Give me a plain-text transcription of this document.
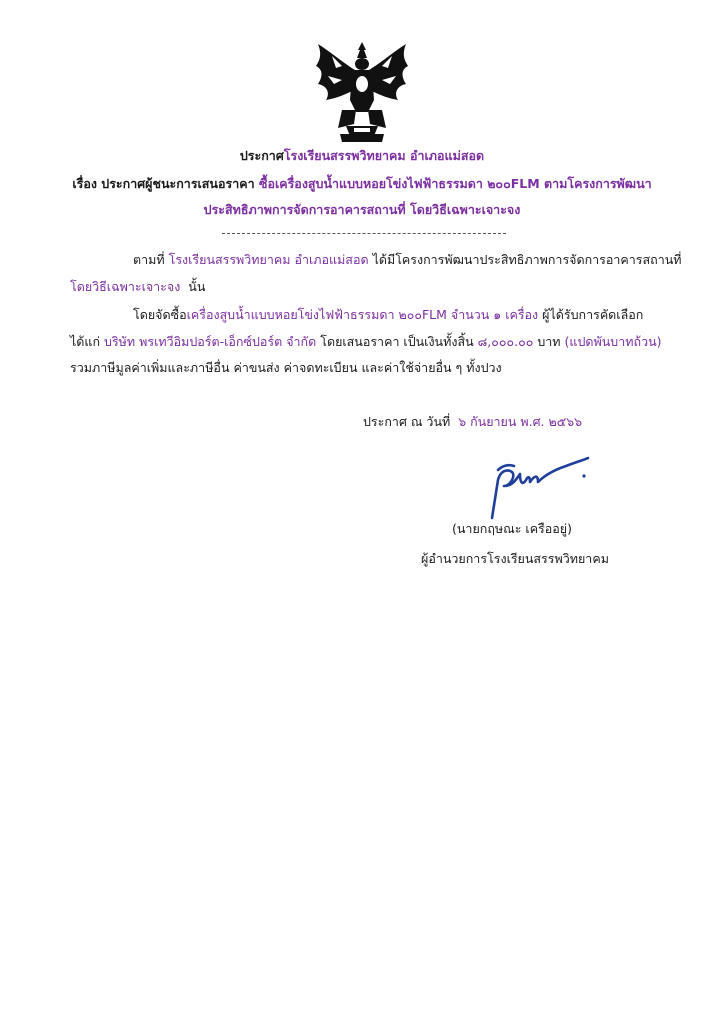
ประกาศโรงเรียนสรรพวิทยาคม อำเภอแม่สอด
เรื่อง ประกาศผู้ชนะการเสนอราคา ซื้อเครื่องสูบน้ำแบบหอยโข่งไฟฟ้าธรรมดา ๒๐๐FLM ตามโครงการพัฒนา
ประสิทธิภาพการจัดการอาคารสถานที่ โดยวิธีเฉพาะเจาะจง
ตามที่ โรงเรียนสรรพวิทยาคม อำเภอแม่สอด ได้มีโครงการพัฒนาประสิทธิภาพการจัดการอาคารสถานที่
โดยวิธีเฉพาะเจาะจง นั้น
โดยจัดซื้อเครื่องสูบน้ำแบบหอยโข่งไฟฟ้าธรรมดา ๒๐๐FLM จำนวน ๑ เครื่อง ผู้ได้รับการคัดเลือก
ได้แก่ บริษัท พรเทวีอิมปอร์ต-เอ็กซ์ปอร์ต จำกัด โดยเสนอราคา เป็นเงินทั้งสิ้น ๘,๐๐๐.๐๐ บาท (แปดพันบาทถ้วน)
รวมภาษีมูลค่าเพิ่มและภาษีอื่น ค่าขนส่ง ค่าจดทะเบียน และค่าใช้จ่ายอื่น ๆ ทั้งปวง
ประกาศ ณ วันที่ ๖ กันยายน พ.ศ. ๒๕๖๖
(นายกฤษณะ เครืออยู่)
ผู้อำนวยการโรงเรียนสรรพวิทยาคม
